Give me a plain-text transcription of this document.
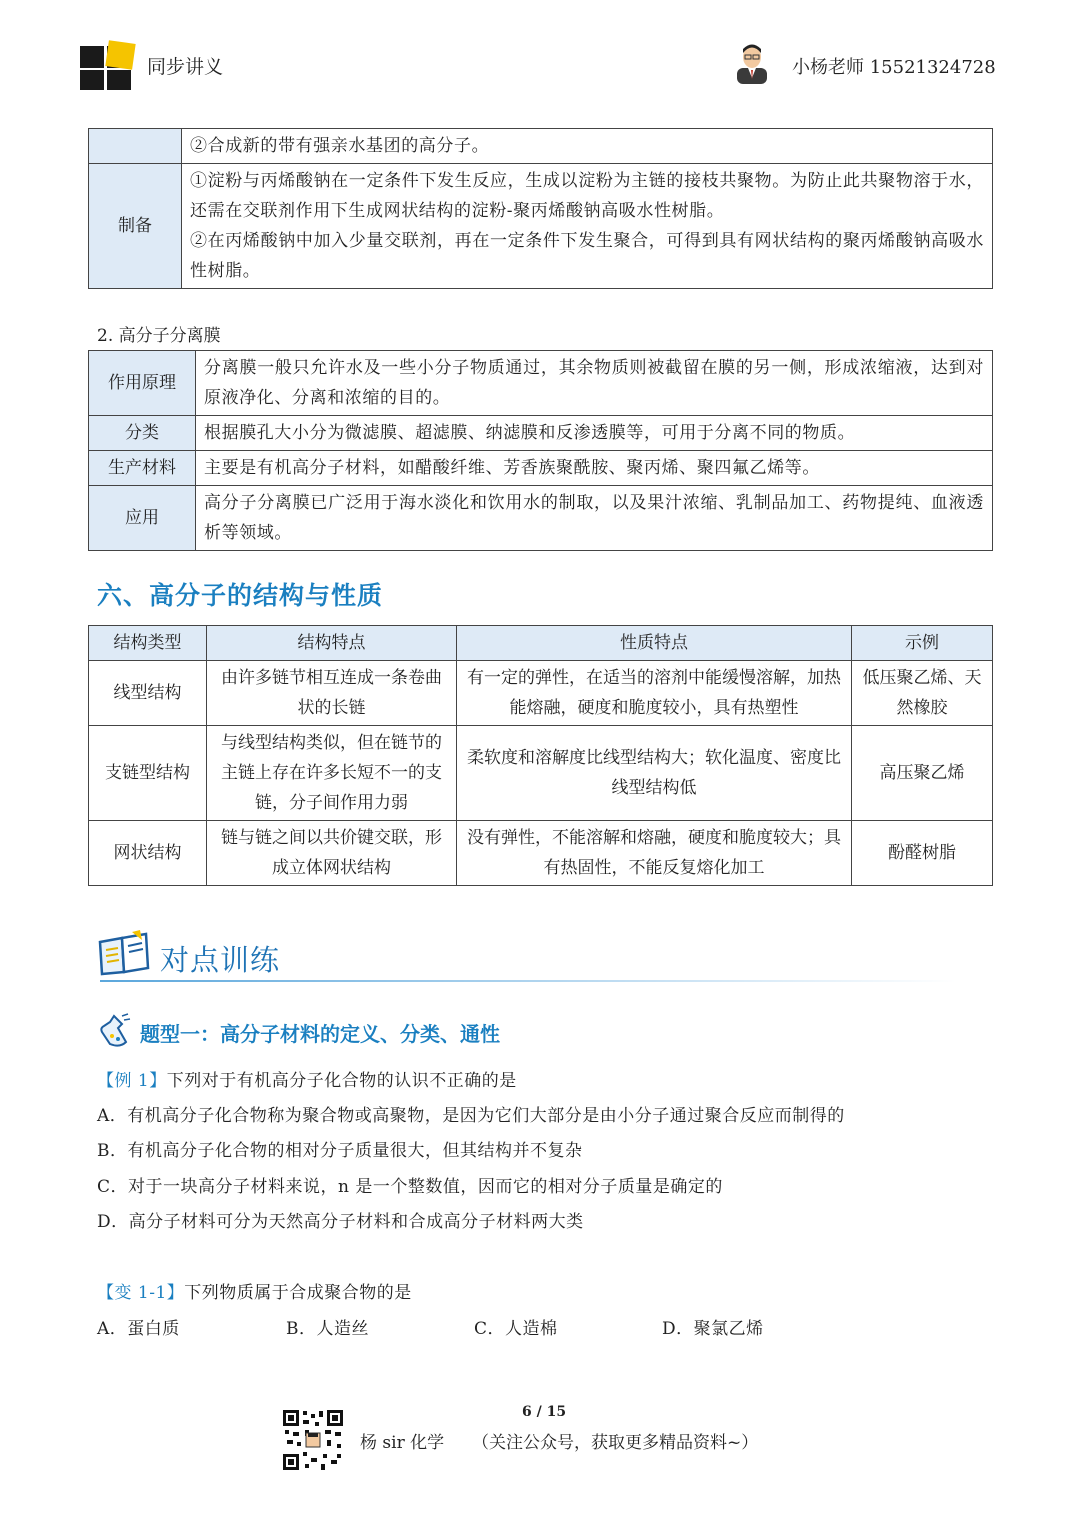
同步讲义	小杨老师 15521324728
	②合成新的带有强亲水基团的高分子。
制备	①淀粉与丙烯酸钠在一定条件下发生反应，生成以淀粉为主链的接枝共聚物。为防止此共聚物溶于水，还需在交联剂作用下生成网状结构的淀粉-聚丙烯酸钠高吸水性树脂。
②在丙烯酸钠中加入少量交联剂，再在一定条件下发生聚合，可得到具有网状结构的聚丙烯酸钠高吸水性树脂。
2. 高分子分离膜
作用原理	分离膜一般只允许水及一些小分子物质通过，其余物质则被截留在膜的另一侧，形成浓缩液，达到对原液净化、分离和浓缩的目的。
分类	根据膜孔大小分为微滤膜、超滤膜、纳滤膜和反渗透膜等，可用于分离不同的物质。
生产材料	主要是有机高分子材料，如醋酸纤维、芳香族聚酰胺、聚丙烯、聚四氟乙烯等。
应用	高分子分离膜已广泛用于海水淡化和饮用水的制取，以及果汁浓缩、乳制品加工、药物提纯、血液透析等领域。
六、高分子的结构与性质
结构类型	结构特点	性质特点	示例
线型结构	由许多链节相互连成一条卷曲状的长链	有一定的弹性，在适当的溶剂中能缓慢溶解，加热能熔融，硬度和脆度较小，具有热塑性	低压聚乙烯、天然橡胶
支链型结构	与线型结构类似，但在链节的主链上存在许多长短不一的支链，分子间作用力弱	柔软度和溶解度比线型结构大；软化温度、密度比线型结构低	高压聚乙烯
网状结构	链与链之间以共价键交联，形成立体网状结构	没有弹性，不能溶解和熔融，硬度和脆度较大；具有热固性，不能反复熔化加工	酚醛树脂
对点训练
题型一：高分子材料的定义、分类、通性
【例 1】下列对于有机高分子化合物的认识不正确的是
A．有机高分子化合物称为聚合物或高聚物，是因为它们大部分是由小分子通过聚合反应而制得的
B．有机高分子化合物的相对分子质量很大，但其结构并不复杂
C．对于一块高分子材料来说，n 是一个整数值，因而它的相对分子质量是确定的
D．高分子材料可分为天然高分子材料和合成高分子材料两大类
【变 1-1】下列物质属于合成聚合物的是
A．蛋白质	B．人造丝	C．人造棉	D．聚氯乙烯
6 / 15
杨 sir 化学 （关注公众号，获取更多精品资料~）
